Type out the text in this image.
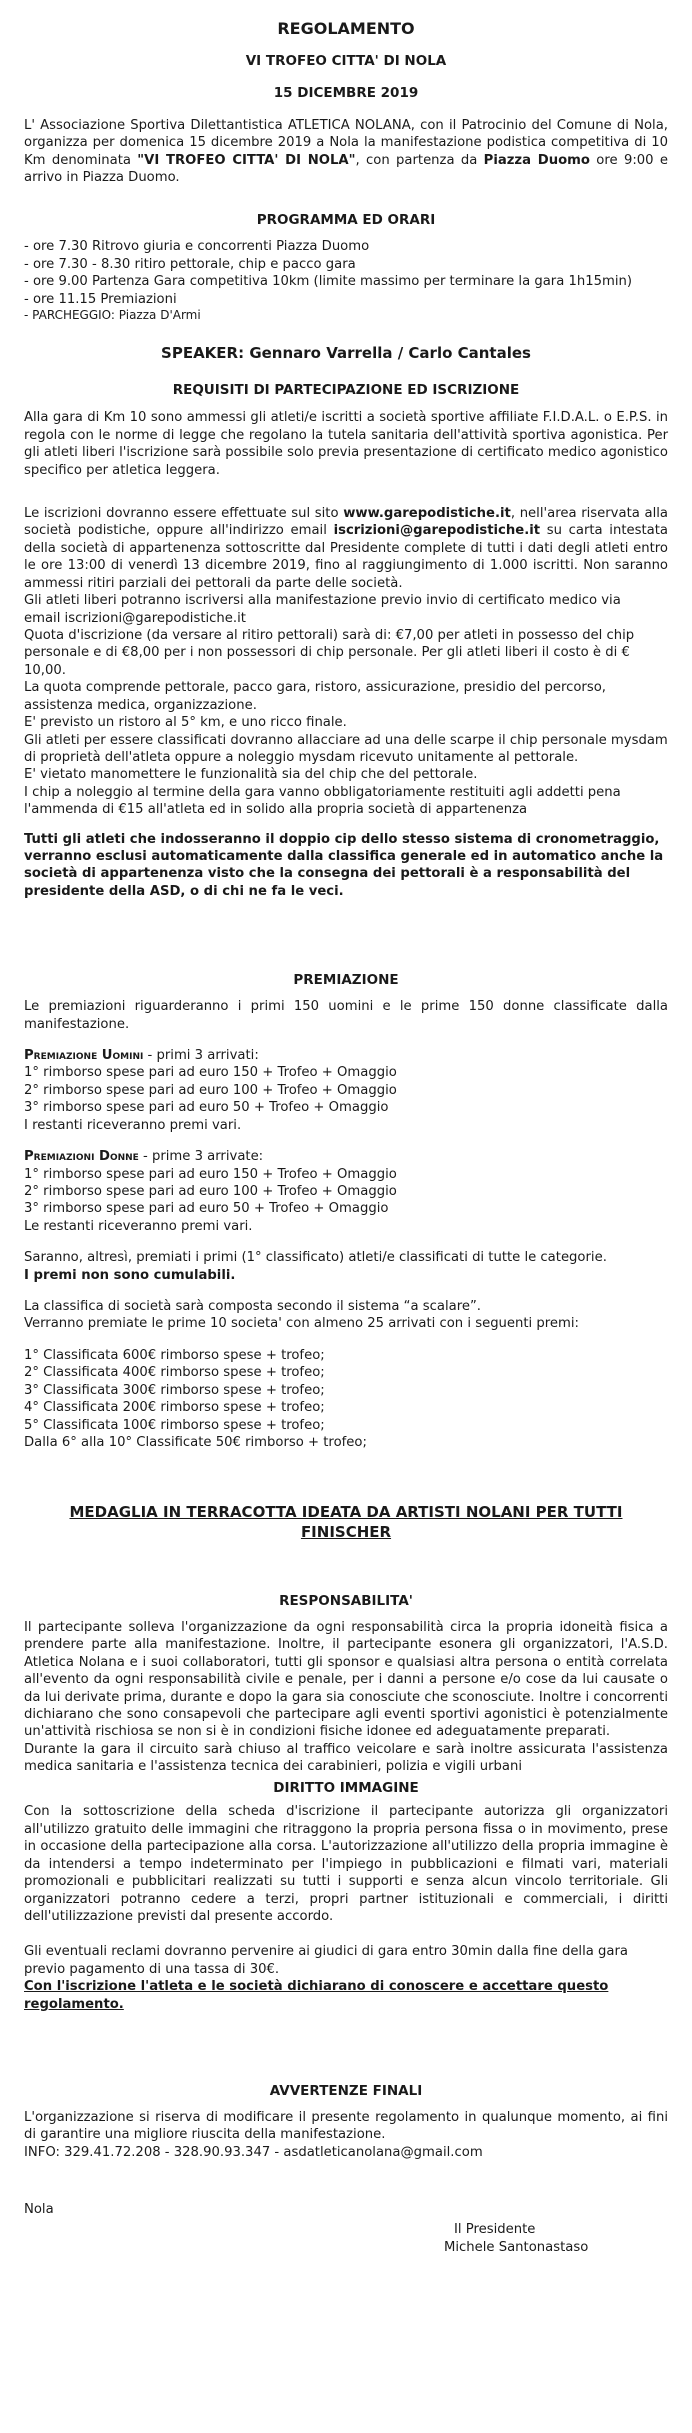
REGOLAMENTO
VI TROFEO CITTA' DI NOLA
15 DICEMBRE 2019

L' Associazione Sportiva Dilettantistica ATLETICA NOLANA, con il Patrocinio del Comune di Nola, organizza per domenica 15 dicembre 2019 a Nola la manifestazione podistica competitiva di 10 Km denominata "VI TROFEO CITTA' DI NOLA", con partenza da Piazza Duomo ore 9:00 e arrivo in Piazza Duomo.

PROGRAMMA ED ORARI
- ore 7.30 Ritrovo giuria e concorrenti Piazza Duomo
- ore 7.30 - 8.30 ritiro pettorale, chip e pacco gara
- ore 9.00 Partenza Gara competitiva 10km (limite massimo per terminare la gara 1h15min)
- ore 11.15 Premiazioni
- PARCHEGGIO: Piazza D'Armi
SPEAKER: Gennaro Varrella / Carlo Cantales
REQUISITI DI PARTECIPAZIONE ED ISCRIZIONE

Alla gara di Km 10 sono ammessi gli atleti/e iscritti a società sportive affiliate F.I.D.A.L. o E.P.S. in regola con le norme di legge che regolano la tutela sanitaria dell'attività sportiva agonistica. Per gli atleti liberi l'iscrizione sarà possibile solo previa presentazione di certificato medico agonistico specifico per atletica leggera.

Le iscrizioni dovranno essere effettuate sul sito www.garepodistiche.it, nell'area riservata alla società podistiche, oppure all'indirizzo email iscrizioni@garepodistiche.it su carta intestata della società di appartenenza sottoscritte dal Presidente complete di tutti i dati degli atleti entro le ore 13:00 di venerdì 13 dicembre 2019, fino al raggiungimento di 1.000 iscritti. Non saranno ammessi ritiri parziali dei pettorali da parte delle società.

Gli atleti liberi potranno iscriversi alla manifestazione previo invio di certificato medico via
email iscrizioni@garepodistiche.it
Quota d'iscrizione (da versare al ritiro pettorali) sarà di: €7,00 per atleti in possesso del chip personale e di €8,00 per i non possessori di chip personale. Per gli atleti liberi il costo è di € 10,00.
La quota comprende pettorale, pacco gara, ristoro, assicurazione, presidio del percorso, assistenza medica, organizzazione.
E' previsto un ristoro al 5° km, e uno ricco finale.
Gli atleti per essere classificati dovranno allacciare ad una delle scarpe il chip personale mysdam di proprietà dell'atleta oppure a noleggio mysdam ricevuto unitamente al pettorale.
E' vietato manomettere le funzionalità sia del chip che del pettorale.
I chip a noleggio al termine della gara vanno obbligatoriamente restituiti agli addetti pena l'ammenda di €15 all'atleta ed in solido alla propria società di appartenenza

Tutti gli atleti che indosseranno il doppio cip dello stesso sistema di cronometraggio, verranno esclusi automaticamente dalla classifica generale ed in automatico anche la società di appartenenza visto che la consegna dei pettorali è a responsabilità del presidente della ASD, o di chi ne fa le veci.

PREMIAZIONE

Le premiazioni riguarderanno i primi 150 uomini e le prime 150 donne classificate dalla manifestazione.

Premiazione Uomini - primi 3 arrivati:
1° rimborso spese pari ad euro 150 + Trofeo + Omaggio
2° rimborso spese pari ad euro 100 + Trofeo + Omaggio
3° rimborso spese pari ad euro 50 + Trofeo + Omaggio
I restanti riceveranno premi vari.
Premiazioni Donne - prime 3 arrivate:
1° rimborso spese pari ad euro 150 + Trofeo + Omaggio
2° rimborso spese pari ad euro 100 + Trofeo + Omaggio
3° rimborso spese pari ad euro 50 + Trofeo + Omaggio
Le restanti riceveranno premi vari.

Saranno, altresì, premiati i primi (1° classificato) atleti/e classificati di tutte le categorie.

I premi non sono cumulabili.

La classifica di società sarà composta secondo il sistema “a scalare”.

Verranno premiate le prime 10 societa' con almeno 25 arrivati con i seguenti premi:

1° Classificata 600€ rimborso spese + trofeo;
2° Classificata 400€ rimborso spese + trofeo;
3° Classificata 300€ rimborso spese + trofeo;
4° Classificata 200€ rimborso spese + trofeo;
5° Classificata 100€ rimborso spese + trofeo;
Dalla 6° alla 10° Classificate 50€ rimborso + trofeo;
MEDAGLIA IN TERRACOTTA IDEATA DA ARTISTI NOLANI PER TUTTI FINISCHER
RESPONSABILITA'

Il partecipante solleva l'organizzazione da ogni responsabilità circa la propria idoneità fisica a prendere parte alla manifestazione. Inoltre, il partecipante esonera gli organizzatori, l'A.S.D. Atletica Nolana e i suoi collaboratori, tutti gli sponsor e qualsiasi altra persona o entità correlata all'evento da ogni responsabilità civile e penale, per i danni a persone e/o cose da lui causate o da lui derivate prima, durante e dopo la gara sia conosciute che sconosciute. Inoltre i concorrenti dichiarano che sono consapevoli che partecipare agli eventi sportivi agonistici è potenzialmente un'attività rischiosa se non si è in condizioni fisiche idonee ed adeguatamente preparati.

Durante la gara il circuito sarà chiuso al traffico veicolare e sarà inoltre assicurata l'assistenza medica sanitaria e l'assistenza tecnica dei carabinieri, polizia e vigili urbani

DIRITTO IMMAGINE

Con la sottoscrizione della scheda d'iscrizione il partecipante autorizza gli organizzatori all'utilizzo gratuito delle immagini che ritraggono la propria persona fissa o in movimento, prese in occasione della partecipazione alla corsa. L'autorizzazione all'utilizzo della propria immagine è da intendersi a tempo indeterminato per l'impiego in pubblicazioni e filmati vari, materiali promozionali e pubblicitari realizzati su tutti i supporti e senza alcun vincolo territoriale. Gli organizzatori potranno cedere a terzi, propri partner istituzionali e commerciali, i diritti dell'utilizzazione previsti dal presente accordo.

Gli eventuali reclami dovranno pervenire ai giudici di gara entro 30min dalla fine della gara previo pagamento di una tassa di 30€.

Con l'iscrizione l'atleta e le società dichiarano di conoscere e accettare questo regolamento.

AVVERTENZE FINALI

L'organizzazione si riserva di modificare il presente regolamento in qualunque momento, ai fini di garantire una migliore riuscita della manifestazione.

INFO: 329.41.72.208 - 328.90.93.347 - asdatleticanolana@gmail.com

Nola
Il Presidente
Michele Santonastaso
